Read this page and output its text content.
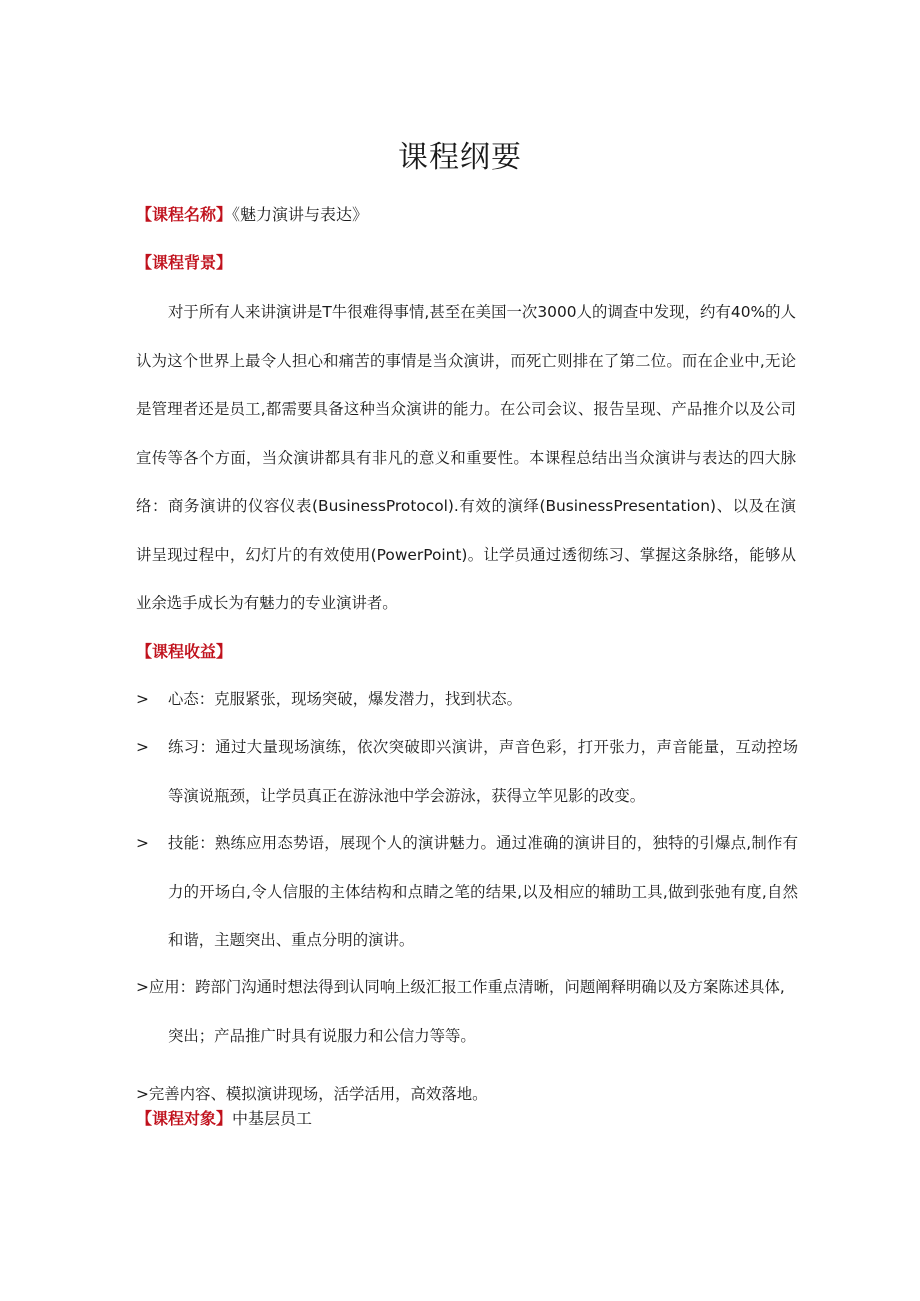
课程纲要
【课程名称】《魅力演讲与表达》
【课程背景】
对于所有人来讲演讲是T牛很难得事情,甚至在美国一次3000人的调查中发现，约有40%的人认为这个世界上最令人担心和痛苦的事情是当众演讲，而死亡则排在了第二位。而在企业中,无论是管理者还是员工,都需要具备这种当众演讲的能力。在公司会议、报告呈现、产品推介以及公司宣传等各个方面，当众演讲都具有非凡的意义和重要性。本课程总结出当众演讲与表达的四大脉络：商务演讲的仪容仪表(BusinessProtocol).有效的演绎(BusinessPresentation)、以及在演讲呈现过程中，幻灯片的有效使用(PowerPoint)。让学员通过透彻练习、掌握这条脉络，能够从业余选手成长为有魅力的专业演讲者。
【课程收益】
>	心态：克服紧张，现场突破，爆发潜力，找到状态。
>	练习：通过大量现场演练，依次突破即兴演讲，声音色彩，打开张力，声音能量，互动控场等演说瓶颈，让学员真正在游泳池中学会游泳，获得立竿见影的改变。
>	技能：熟练应用态势语，展现个人的演讲魅力。通过准确的演讲目的，独特的引爆点,制作有力的开场白,令人信服的主体结构和点睛之笔的结果,以及相应的辅助工具,做到张弛有度,自然和谐，主题突出、重点分明的演讲。
>应用：跨部门沟通时想法得到认同响上级汇报工作重点清晰，问题阐释明确以及方案陈述具体,
突出；产品推广时具有说服力和公信力等等。
>完善内容、模拟演讲现场，活学活用，高效落地。
【课程对象】中基层员工
